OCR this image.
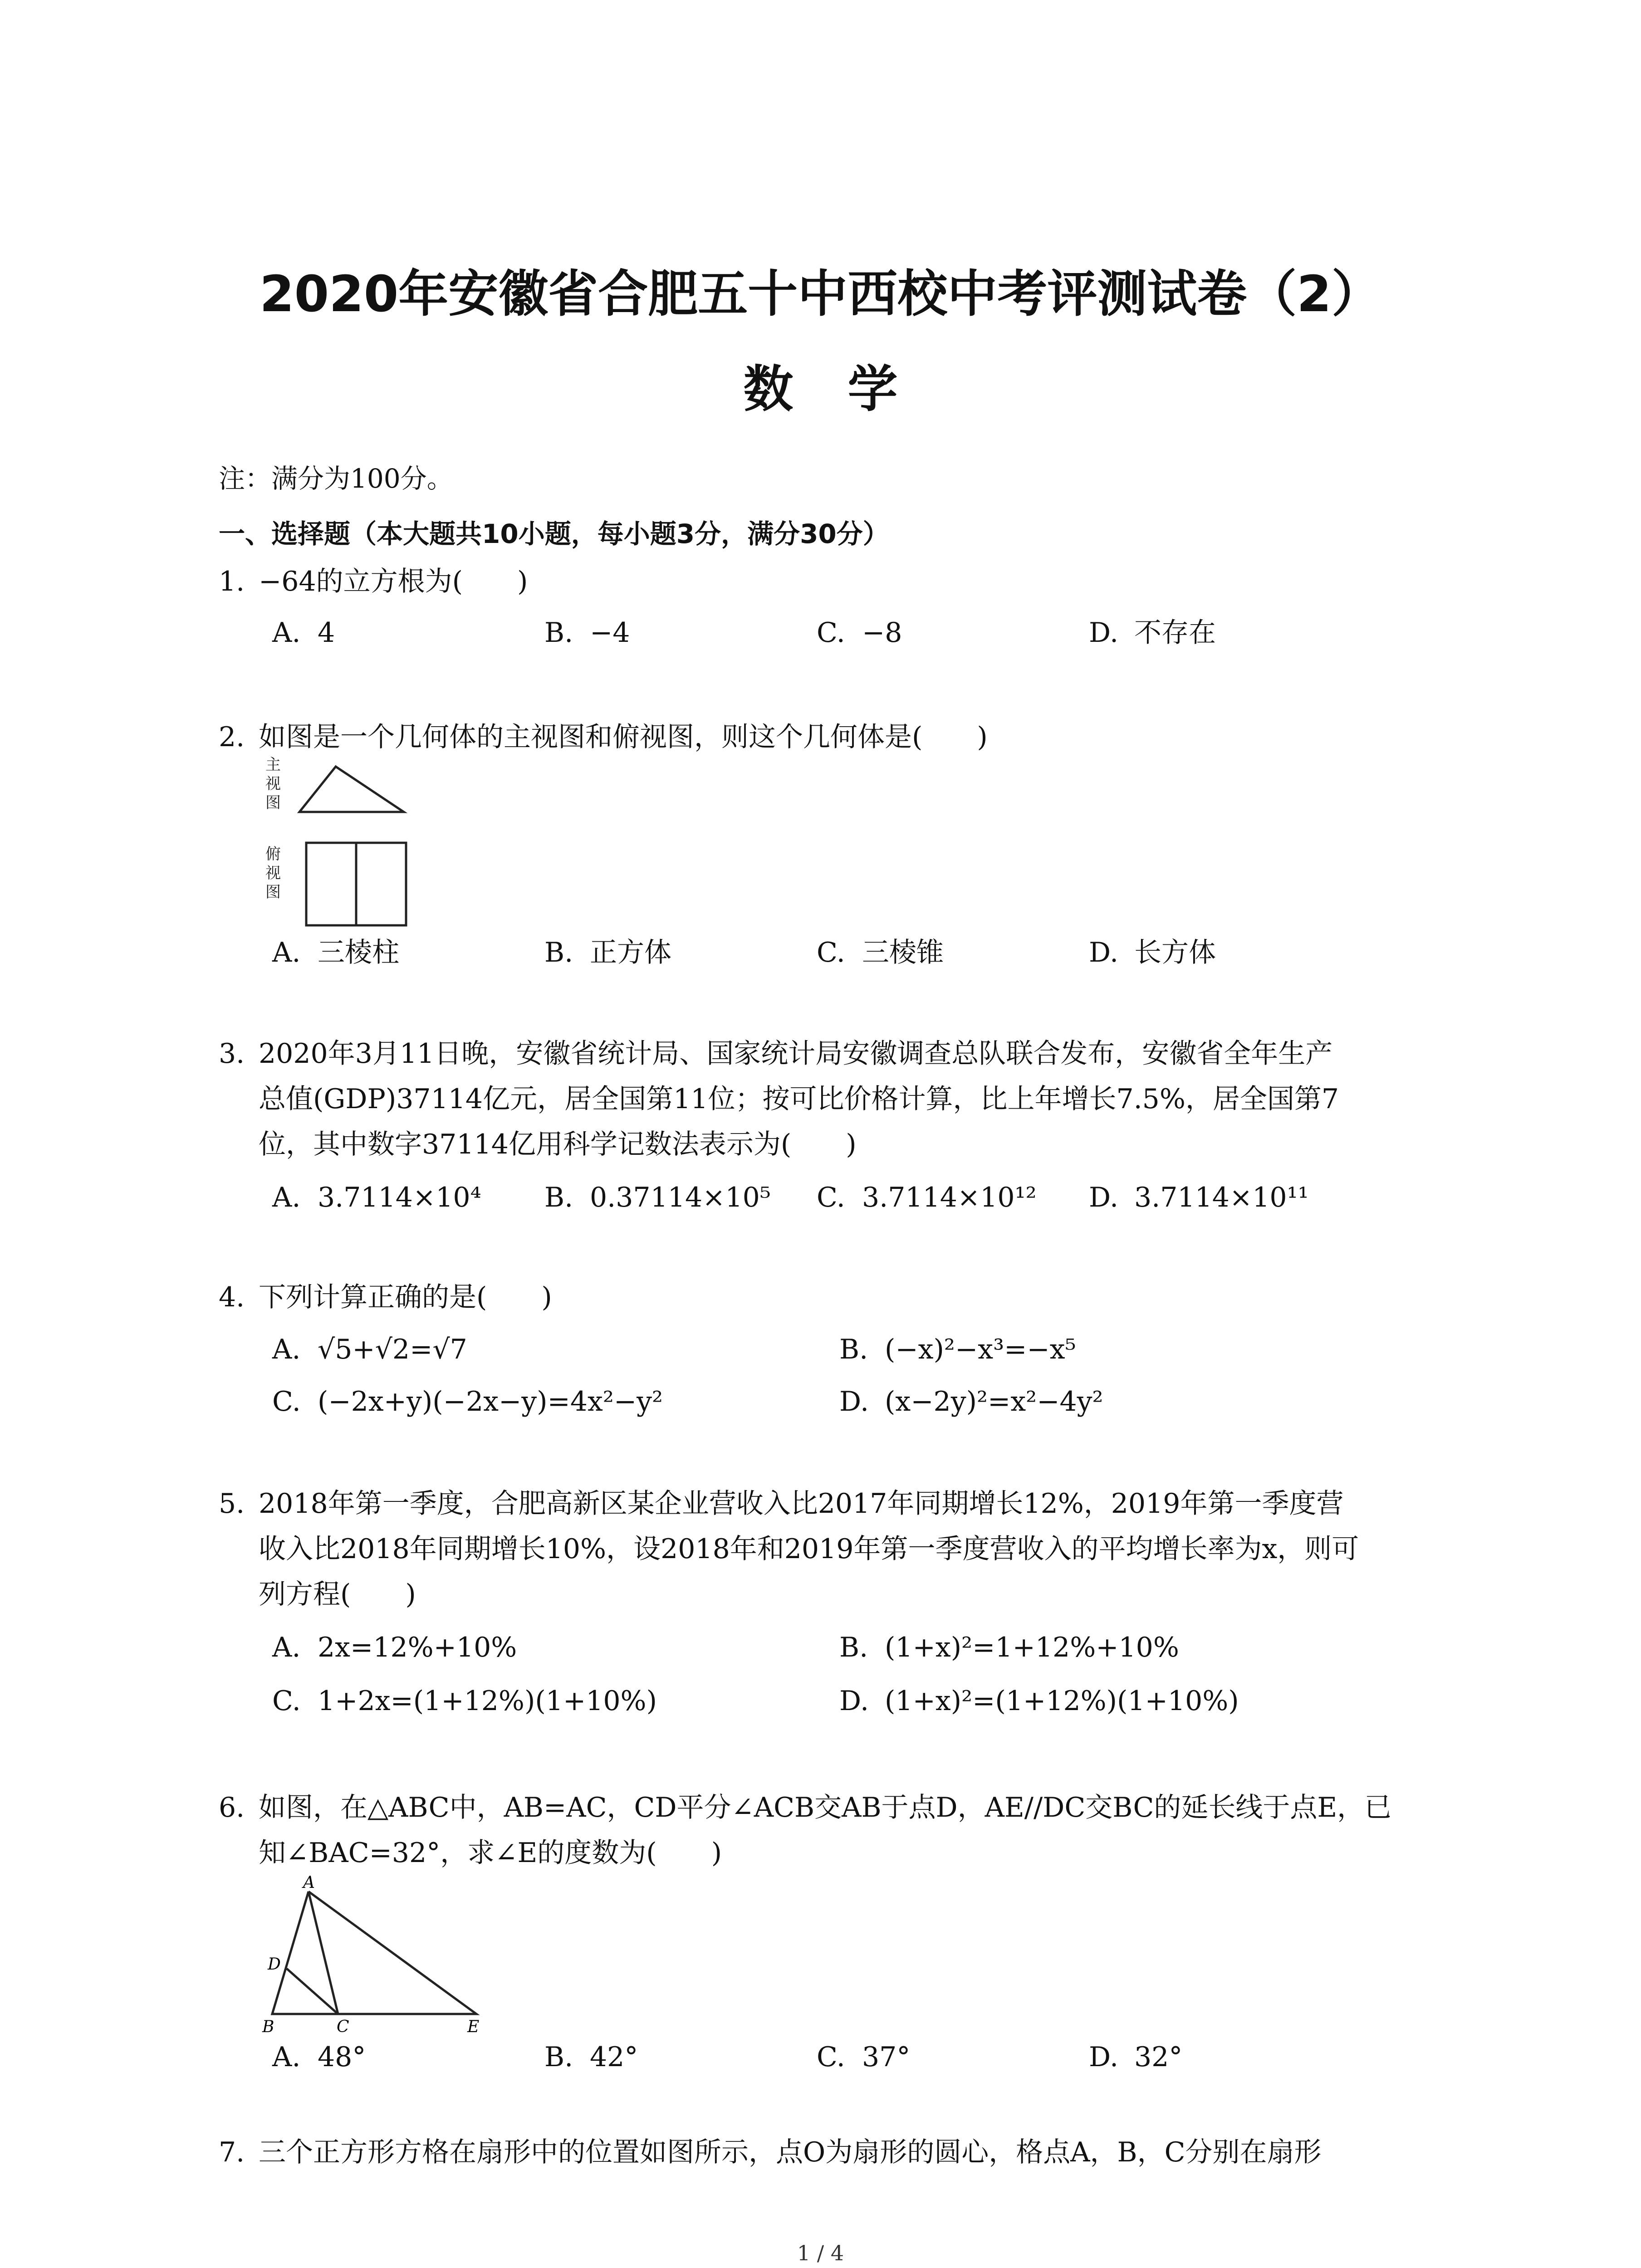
2020年安徽省合肥五十中西校中考评测试卷（2）
数学
注：满分为100分。
一、选择题（本大题共10小题，每小题3分，满分30分）
1. −64的立方根为(　　)
A. 4	B. −4	C. −8	D. 不存在
2. 如图是一个几何体的主视图和俯视图，则这个几何体是(　　)
主
视
图
俯
视
图
A. 三棱柱	B. 正方体	C. 三棱锥	D. 长方体
3. 2020年3月11日晚，安徽省统计局、国家统计局安徽调查总队联合发布，安徽省全年生产
总值(GDP)37114亿元，居全国第11位；按可比价格计算，比上年增长7.5%，居全国第7
位，其中数字37114亿用科学记数法表示为(　　)
A. 3.7114×10⁴ B. 0.37114×10⁵ C. 3.7114×10¹² D. 3.7114×10¹¹
4. 下列计算正确的是(　　)
A. √5+√2=√7	B. (−x)²−x³=−x⁵
C. (−2x+y)(−2x−y)=4x²−y²	D. (x−2y)²=x²−4y²
5. 2018年第一季度，合肥高新区某企业营收入比2017年同期增长12%，2019年第一季度营
收入比2018年同期增长10%，设2018年和2019年第一季度营收入的平均增长率为x，则可
列方程(　　)
A. 2x=12%+10%	B. (1+x)²=1+12%+10%
C. 1+2x=(1+12%)(1+10%)	D. (1+x)²=(1+12%)(1+10%)
6. 如图，在△ABC中，AB=AC，CD平分∠ACB交AB于点D，AE//DC交BC的延长线于点E，已
知∠BAC=32°，求∠E的度数为(　　)
A
D
B	C	E
A. 48°	B. 42°	C. 37°	D. 32°
7. 三个正方形方格在扇形中的位置如图所示，点O为扇形的圆心，格点A，B，C分别在扇形
1 / 4
